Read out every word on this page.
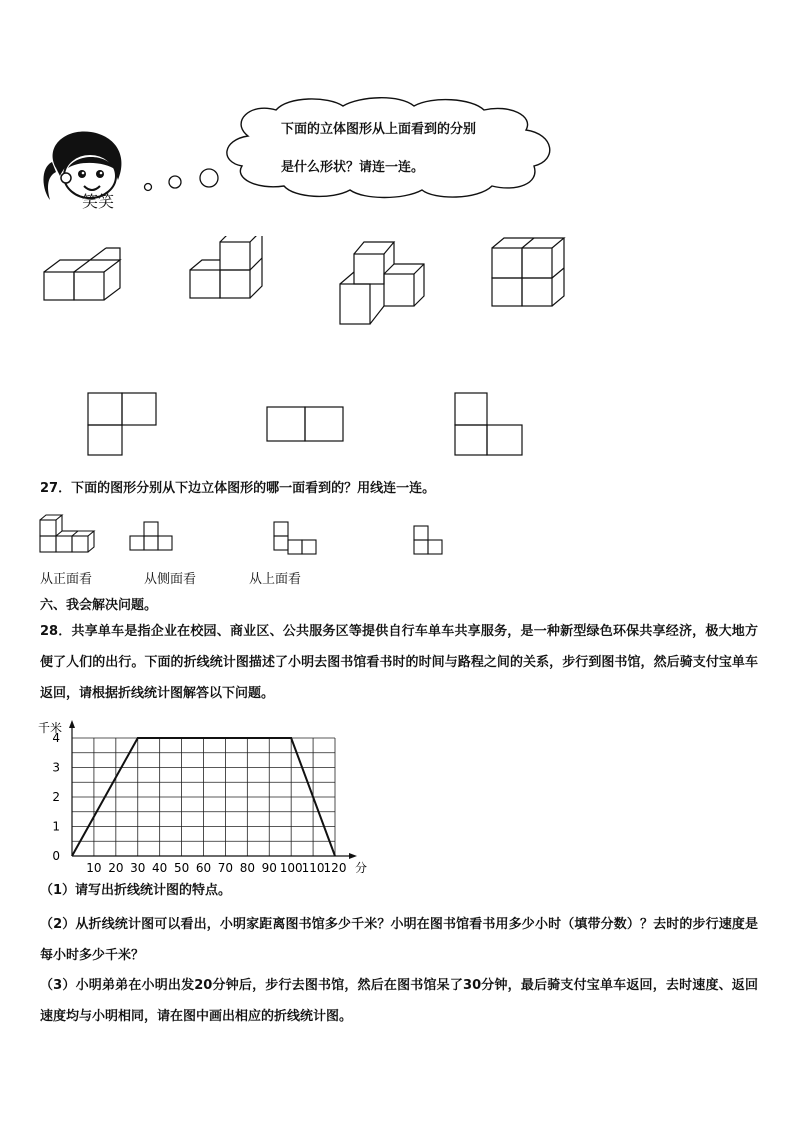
笑笑
下面的立体图形从上面看到的分别
是什么形状？请连一连。
27．下面的图形分别从下边立体图形的哪一面看到的？用线连一连。
从正面看	从侧面看	从上面看
六、我会解决问题。
28．共享单车是指企业在校园、商业区、公共服务区等提供自行车单车共享服务，是一种新型绿色环保共享经济，极大地方便了人们的出行。下面的折线统计图描述了小明去图书馆看书时的时间与路程之间的关系，步行到图书馆，然后骑支付宝单车返回，请根据折线统计图解答以下问题。
10 20 30 40 50 60 70 80 90 100 110 120
0
1
2
3
4
千米
分
（1）请写出折线统计图的特点。
（2）从折线统计图可以看出，小明家距离图书馆多少千米？小明在图书馆看书用多少小时（填带分数）？去时的步行速度是每小时多少千米？
（3）小明弟弟在小明出发20分钟后，步行去图书馆，然后在图书馆呆了30分钟，最后骑支付宝单车返回，去时速度、返回速度均与小明相同，请在图中画出相应的折线统计图。
